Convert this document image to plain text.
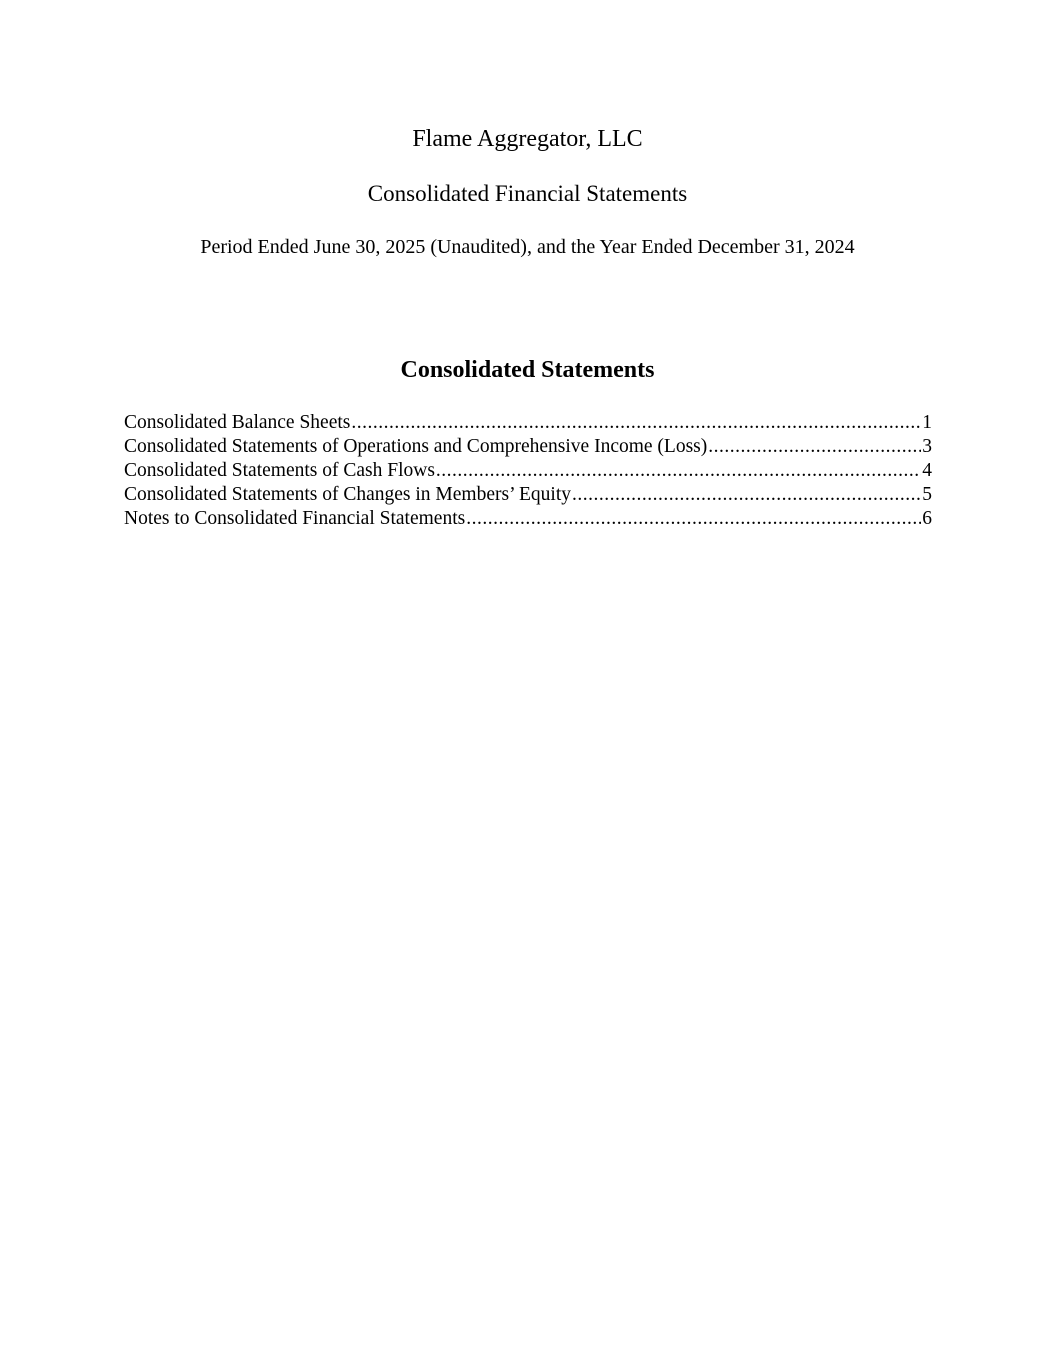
Flame Aggregator, LLC
Consolidated Financial Statements
Period Ended June 30, 2025 (Unaudited), and the Year Ended December 31, 2024
Consolidated Statements
Consolidated Balance Sheets .....	1
Consolidated Statements of Operations and Comprehensive Income (Loss) .....	3
Consolidated Statements of Cash Flows .....	4
Consolidated Statements of Changes in Members’ Equity .....	5
Notes to Consolidated Financial Statements .....	6
